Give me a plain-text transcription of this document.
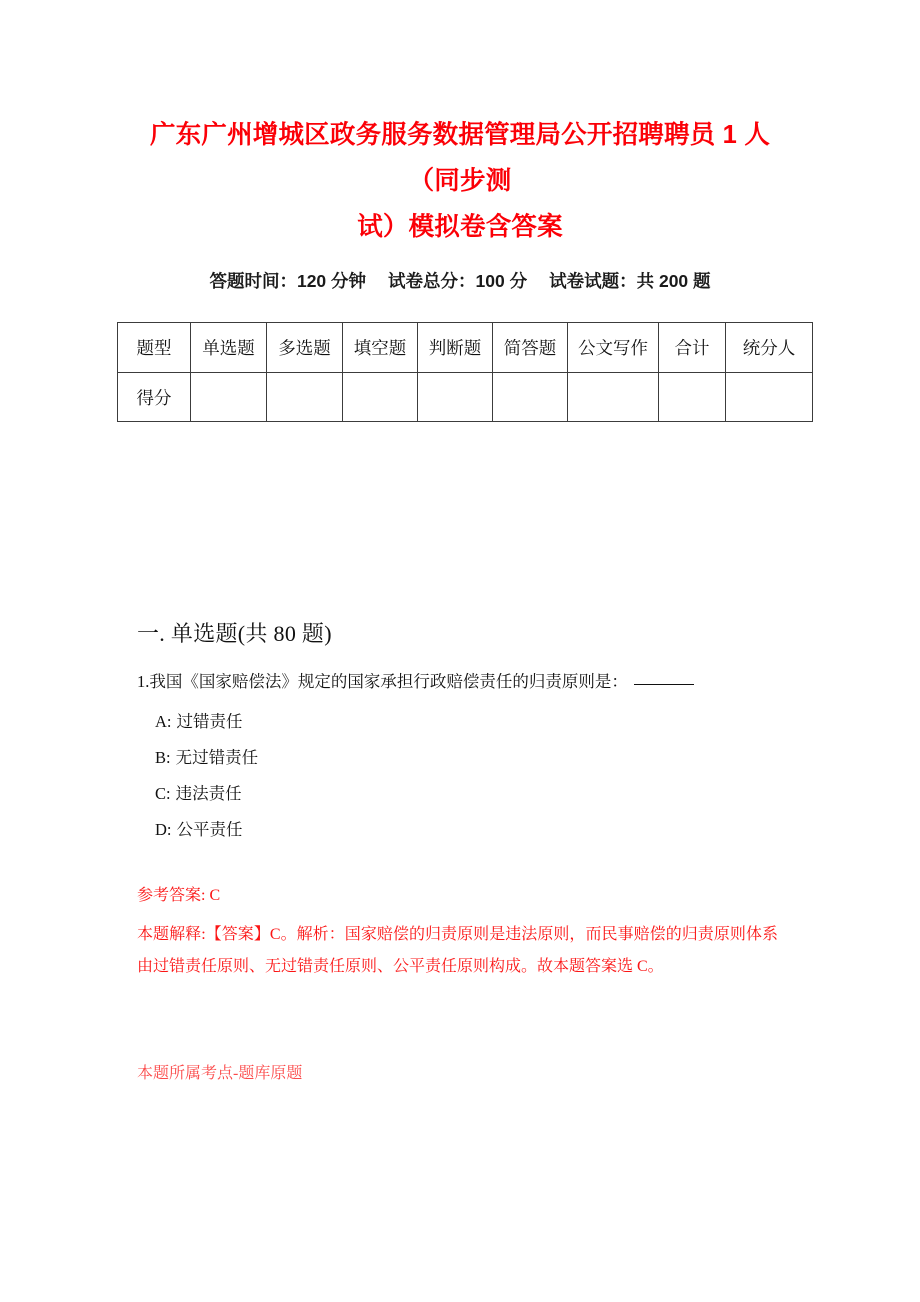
广东广州增城区政务服务数据管理局公开招聘聘员 1 人（同步测
试）模拟卷含答案
答题时间：120 分钟 试卷总分：100 分 试卷试题：共 200 题
题型	单选题	多选题	填空题	判断题	简答题	公文写作	合计	统分人
得分								
一. 单选题(共 80 题)
1.我国《国家赔偿法》规定的国家承担行政赔偿责任的归责原则是：
A: 过错责任
B: 无过错责任
C: 违法责任
D: 公平责任
参考答案: C
本题解释:【答案】C。解析：国家赔偿的归责原则是违法原则，而民事赔偿的归责原则体系由过错责任原则、无过错责任原则、公平责任原则构成。故本题答案选 C。
本题所属考点-题库原题
